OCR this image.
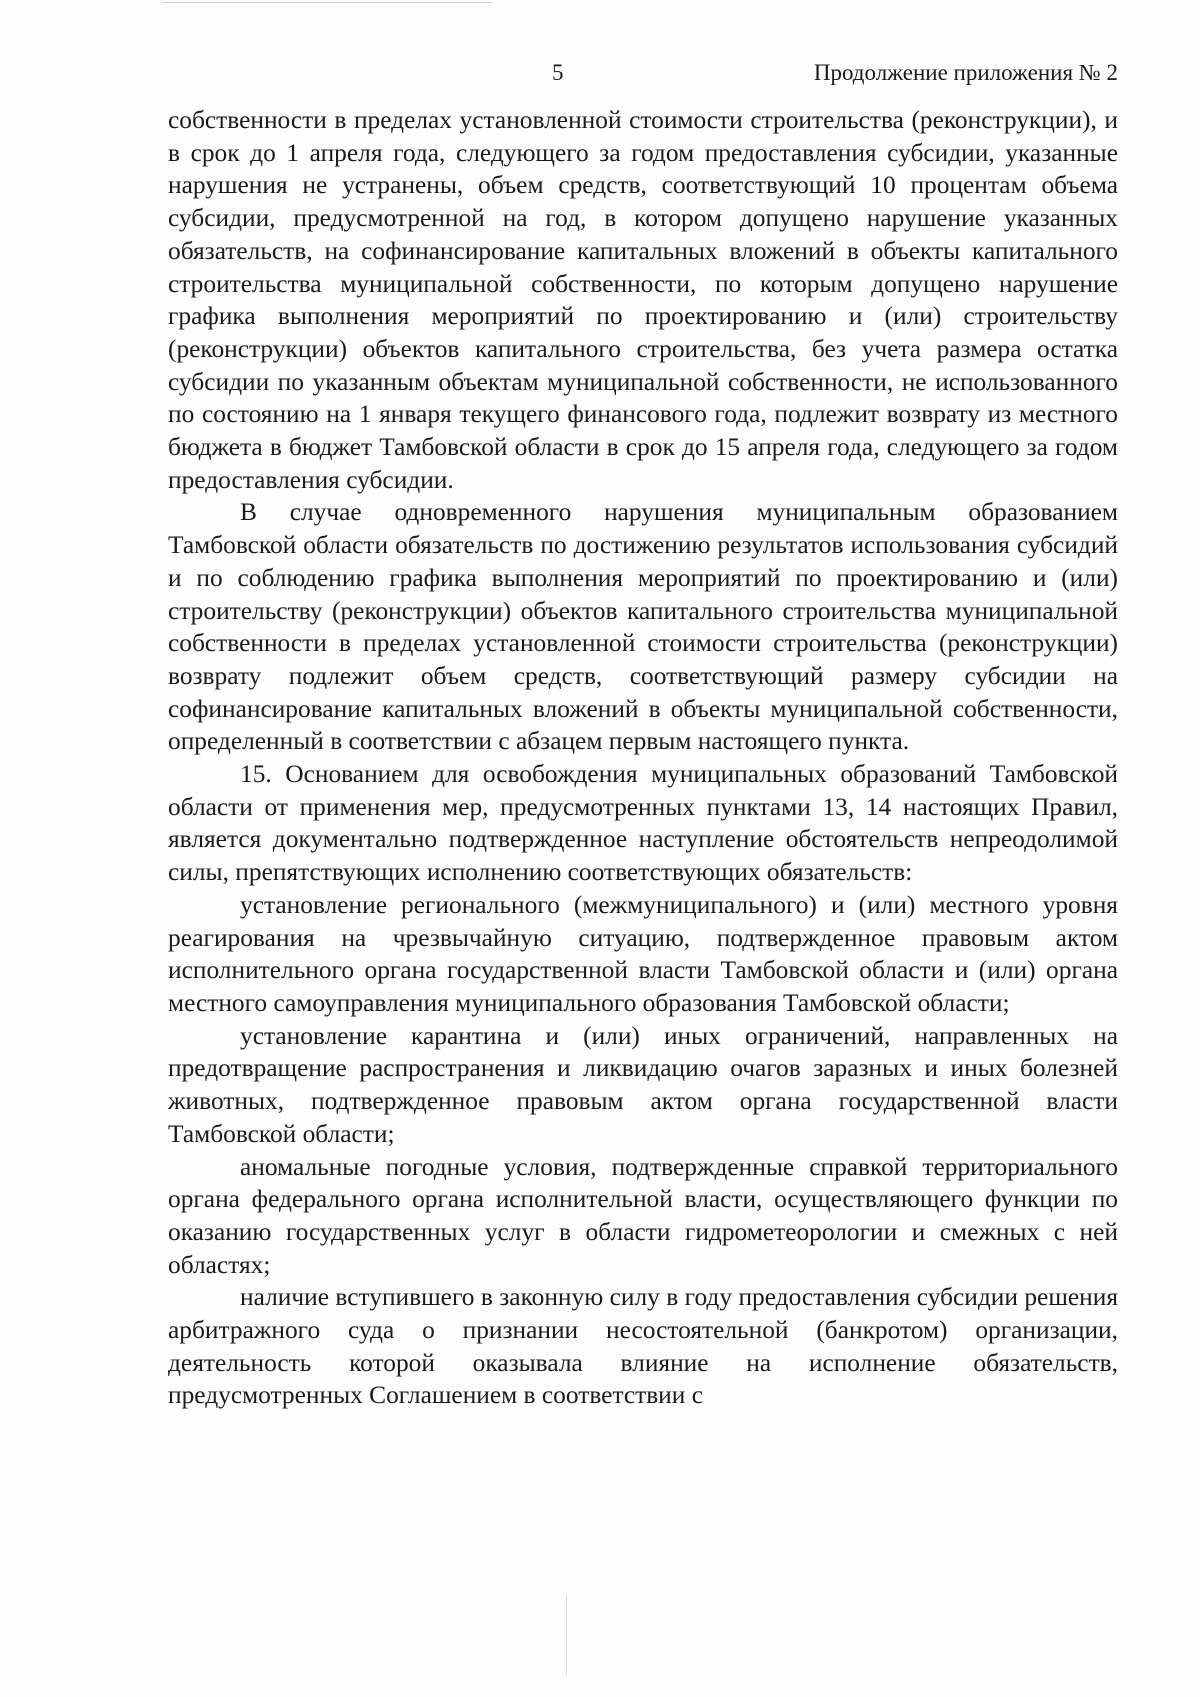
5	Продолжение приложения № 2

собственности в пределах установленной стоимости строительства (реконструкции), и в срок до 1 апреля года, следующего за годом предоставления субсидии, указанные нарушения не устранены, объем средств, соответствующий 10 процентам объема субсидии, предусмотренной на год, в котором допущено нарушение указанных обязательств, на софинансирование капитальных вложений в объекты капитального строительства муниципальной собственности, по которым допущено нарушение графика выполнения мероприятий по проектированию и (или) строительству (реконструкции) объектов капитального строительства, без учета размера остатка субсидии по указанным объектам муниципальной собственности, не использованного по состоянию на 1 января текущего финансового года, подлежит возврату из местного бюджета в бюджет Тамбовской области в срок до 15 апреля года, следующего за годом предоставления субсидии.

В случае одновременного нарушения муниципальным образованием Тамбовской области обязательств по достижению результатов использования субсидий и по соблюдению графика выполнения мероприятий по проектированию и (или) строительству (реконструкции) объектов капитального строительства муниципальной собственности в пределах установленной стоимости строительства (реконструкции) возврату подлежит объем средств, соответствующий размеру субсидии на софинансирование капитальных вложений в объекты муниципальной собственности, определенный в соответствии с абзацем первым настоящего пункта.

15. Основанием для освобождения муниципальных образований Тамбовской области от применения мер, предусмотренных пунктами 13, 14 настоящих Правил, является документально подтвержденное наступление обстоятельств непреодолимой силы, препятствующих исполнению соответствующих обязательств:

установление регионального (межмуниципального) и (или) местного уровня реагирования на чрезвычайную ситуацию, подтвержденное правовым актом исполнительного органа государственной власти Тамбовской области и (или) органа местного самоуправления муниципального образования Тамбовской области;

установление карантина и (или) иных ограничений, направленных на предотвращение распространения и ликвидацию очагов заразных и иных болезней животных, подтвержденное правовым актом органа государственной власти Тамбовской области;

аномальные погодные условия, подтвержденные справкой территориального органа федерального органа исполнительной власти, осуществляющего функции по оказанию государственных услуг в области гидрометеорологии и смежных с ней областях;

наличие вступившего в законную силу в году предоставления субсидии решения арбитражного суда о признании несостоятельной (банкротом) организации, деятельность которой оказывала влияние на исполнение обязательств, предусмотренных Соглашением в соответствии с
